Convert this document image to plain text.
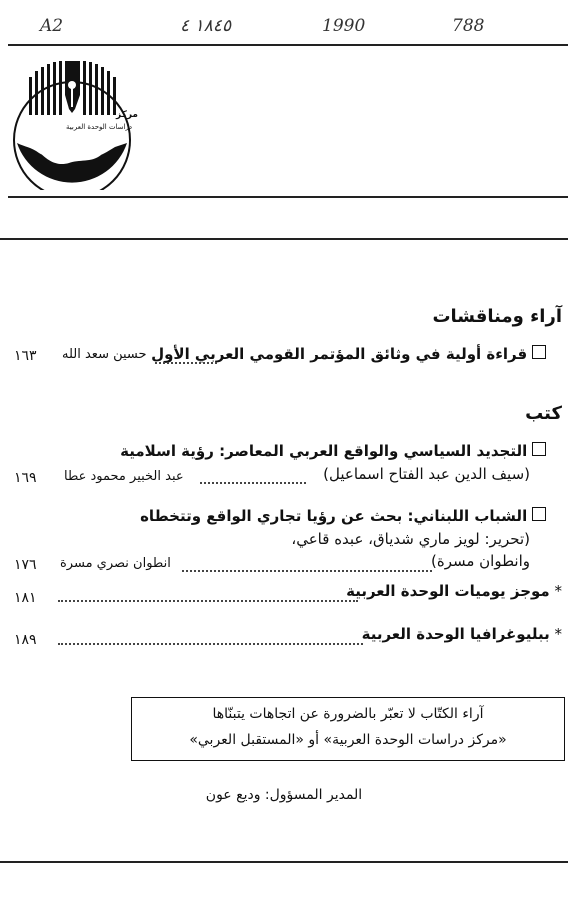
A2	١٨٤٥ ٤	1990	788
مركز
دراسات الوحدة العربية
آراء ومناقشات
قراءة أولية في وثائق المؤتمر القومي العربي الأول
حسين سعد الله
١٦٣
كتب
التجديد السياسي والواقع العربي المعاصر: رؤية اسلامية
(سيف الدين عبد الفتاح اسماعيل)
عبد الخبير محمود عطا
١٦٩
الشباب اللبناني: بحث عن رؤيا تجاري الواقع وتتخطاه
(تحرير: لويز ماري شدياق، عبده قاعي،
وانطوان مسرة)
انطوان نصري مسرة
١٧٦
* موجز يوميات الوحدة العربية
١٨١
* ببليوغرافيا الوحدة العربية
١٨٩
آراء الكتّاب لا تعبّر بالضرورة عن اتجاهات يتبنّاها
«مركز دراسات الوحدة العربية» أو «المستقبل العربي»
المدير المسؤول: وديع عون
